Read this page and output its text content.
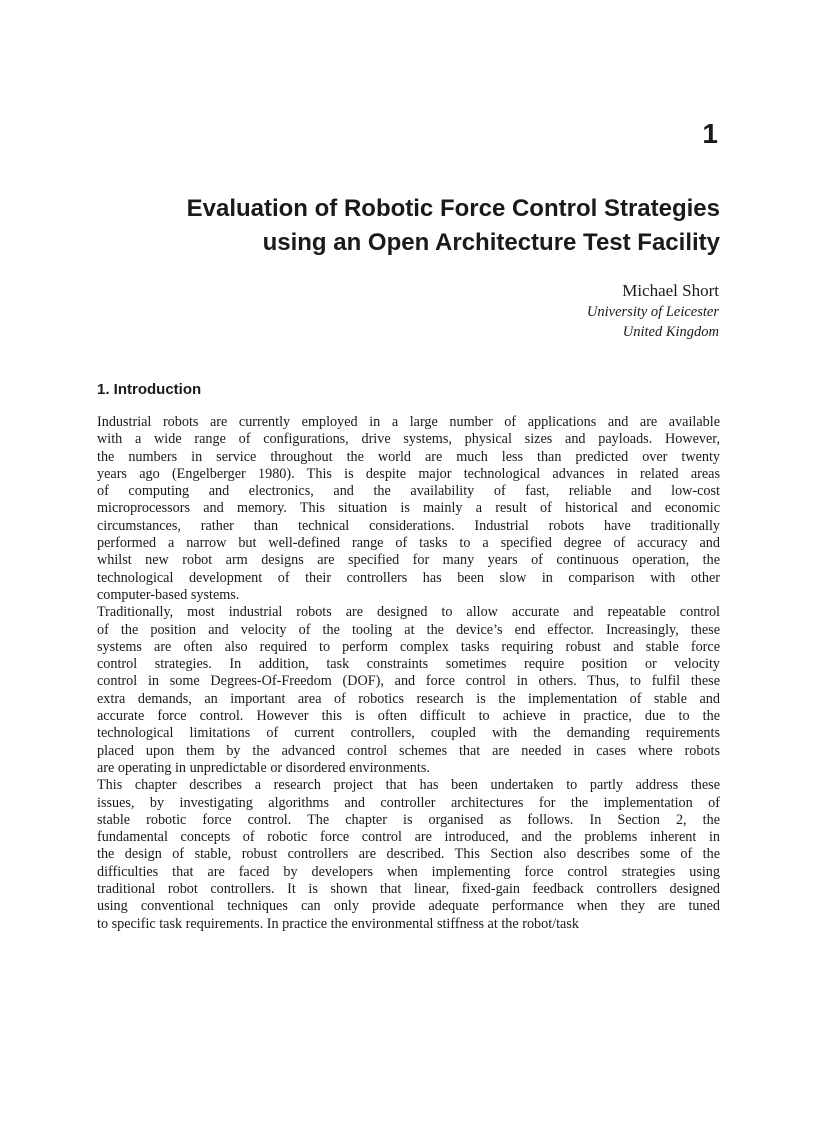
1
Evaluation of Robotic Force Control Strategies
using an Open Architecture Test Facility
Michael Short
University of Leicester
United Kingdom
1. Introduction
Industrial robots are currently employed in a large number of applications and are available
with a wide range of configurations, drive systems, physical sizes and payloads. However,
the numbers in service throughout the world are much less than predicted over twenty
years ago (Engelberger 1980). This is despite major technological advances in related areas
of computing and electronics, and the availability of fast, reliable and low-cost
microprocessors and memory. This situation is mainly a result of historical and economic
circumstances, rather than technical considerations. Industrial robots have traditionally
performed a narrow but well-defined range of tasks to a specified degree of accuracy and
whilst new robot arm designs are specified for many years of continuous operation, the
technological development of their controllers has been slow in comparison with other
computer-based systems.
Traditionally, most industrial robots are designed to allow accurate and repeatable control
of the position and velocity of the tooling at the device’s end effector. Increasingly, these
systems are often also required to perform complex tasks requiring robust and stable force
control strategies. In addition, task constraints sometimes require position or velocity
control in some Degrees-Of-Freedom (DOF), and force control in others. Thus, to fulfil these
extra demands, an important area of robotics research is the implementation of stable and
accurate force control. However this is often difficult to achieve in practice, due to the
technological limitations of current controllers, coupled with the demanding requirements
placed upon them by the advanced control schemes that are needed in cases where robots
are operating in unpredictable or disordered environments.
This chapter describes a research project that has been undertaken to partly address these
issues, by investigating algorithms and controller architectures for the implementation of
stable robotic force control. The chapter is organised as follows. In Section 2, the
fundamental concepts of robotic force control are introduced, and the problems inherent in
the design of stable, robust controllers are described. This Section also describes some of the
difficulties that are faced by developers when implementing force control strategies using
traditional robot controllers. It is shown that linear, fixed-gain feedback controllers designed
using conventional techniques can only provide adequate performance when they are tuned
to specific task requirements. In practice the environmental stiffness at the robot/task
